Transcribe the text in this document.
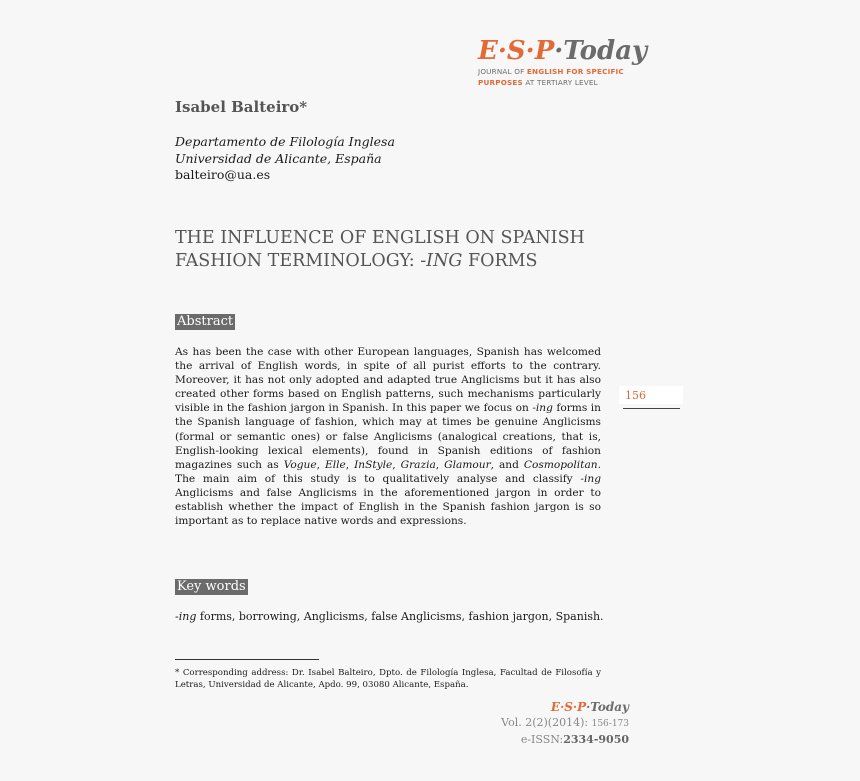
E·S·P·Today
JOURNAL OF ENGLISH FOR SPECIFIC
PURPOSES AT TERTIARY LEVEL
Isabel Balteiro*
Departamento de Filología Inglesa
Universidad de Alicante, España
balteiro@ua.es
THE INFLUENCE OF ENGLISH ON SPANISH
FASHION TERMINOLOGY: -ING FORMS
Abstract
As has been the case with other European languages, Spanish has welcomed the arrival of English words, in spite of all purist efforts to the contrary. Moreover, it has not only adopted and adapted true Anglicisms but it has also created other forms based on English patterns, such mechanisms particularly visible in the fashion jargon in Spanish. In this paper we focus on -ing forms in the Spanish language of fashion, which may at times be genuine Anglicisms (formal or semantic ones) or false Anglicisms (analogical creations, that is, English-looking lexical elements), found in Spanish editions of fashion magazines such as Vogue, Elle, InStyle, Grazia, Glamour, and Cosmopolitan. The main aim of this study is to qualitatively analyse and classify -ing Anglicisms and false Anglicisms in the aforementioned jargon in order to establish whether the impact of English in the Spanish fashion jargon is so important as to replace native words and expressions.
156
Key words
-ing forms, borrowing, Anglicisms, false Anglicisms, fashion jargon, Spanish.
* Corresponding address: Dr. Isabel Balteiro, Dpto. de Filología Inglesa, Facultad de Filosofía y Letras, Universidad de Alicante, Apdo. 99, 03080 Alicante, España.
E·S·P·Today
Vol. 2(2)(2014): 156-173
e-ISSN:2334-9050
